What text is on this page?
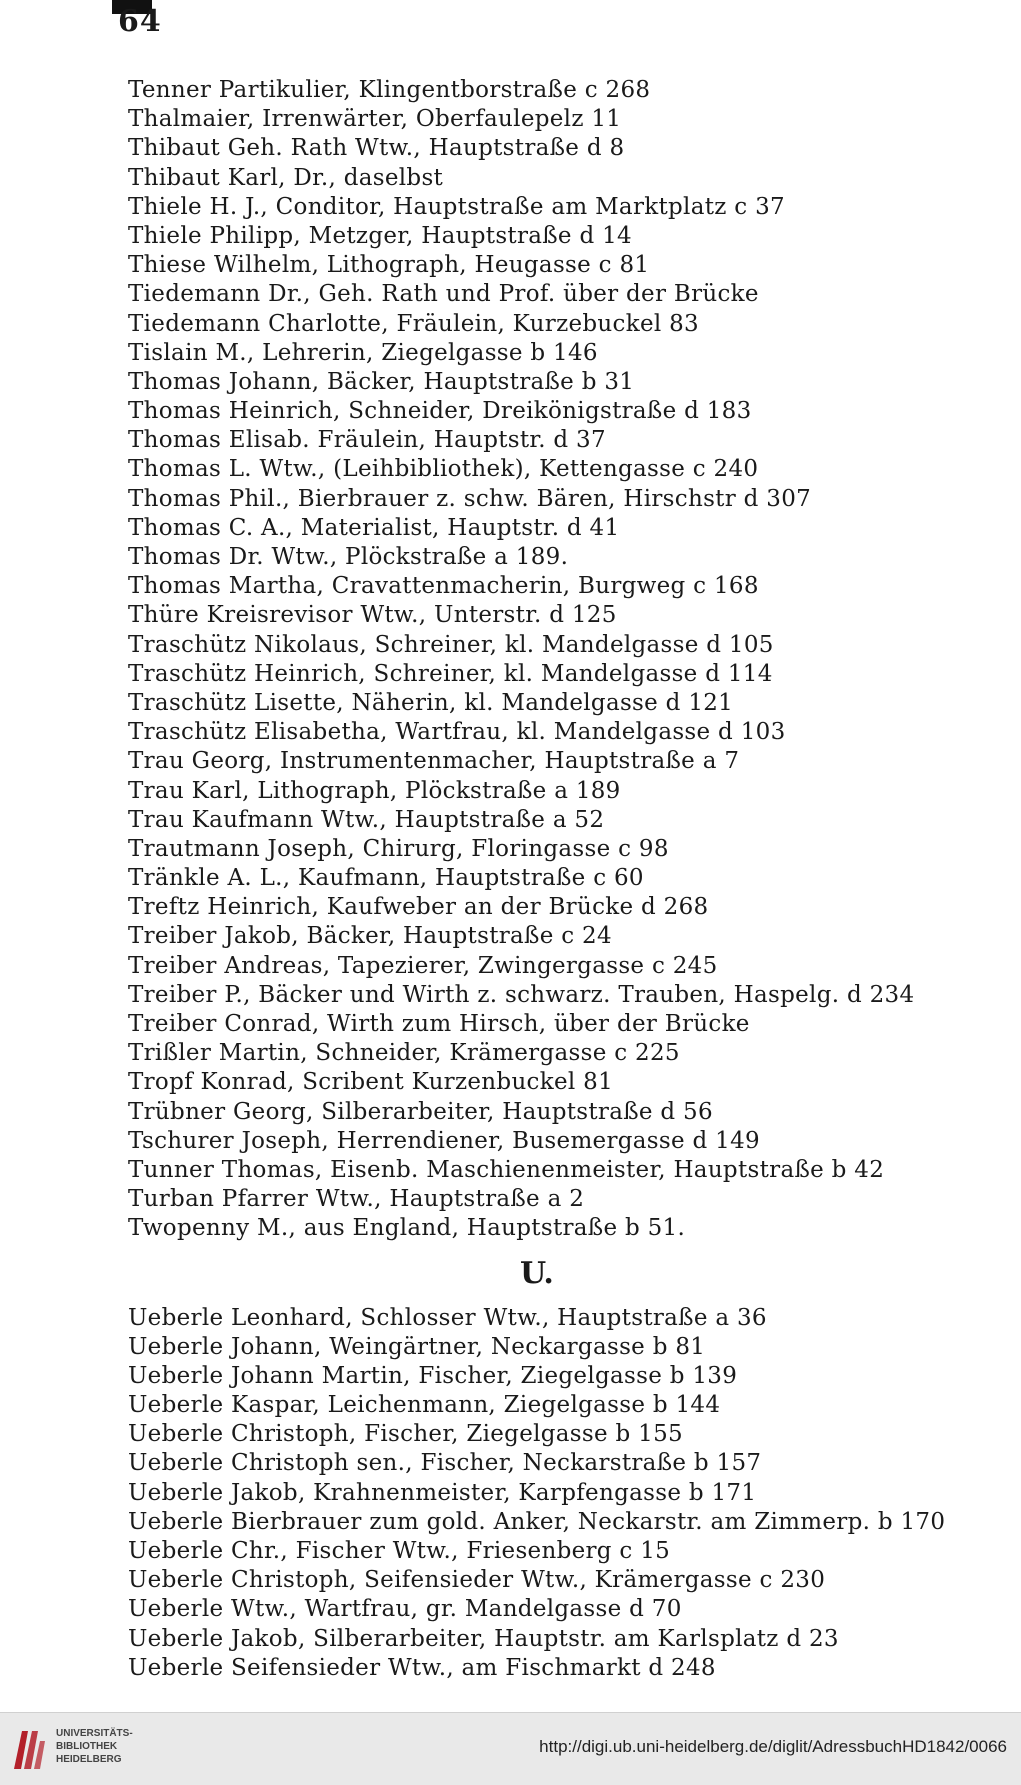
64
Tenner Partikulier, Klingentborstraße c 268
Thalmaier, Irrenwärter, Oberfaulepelz 11
Thibaut Geh. Rath Wtw., Hauptstraße d 8
Thibaut Karl, Dr., daselbst
Thiele H. J., Conditor, Hauptstraße am Marktplatz c 37
Thiele Philipp, Metzger, Hauptstraße d 14
Thiese Wilhelm, Lithograph, Heugasse c 81
Tiedemann Dr., Geh. Rath und Prof. über der Brücke
Tiedemann Charlotte, Fräulein, Kurzebuckel 83
Tislain M., Lehrerin, Ziegelgasse b 146
Thomas Johann, Bäcker, Hauptstraße b 31
Thomas Heinrich, Schneider, Dreikönigstraße d 183
Thomas Elisab. Fräulein, Hauptstr. d 37
Thomas L. Wtw., (Leihbibliothek), Kettengasse c 240
Thomas Phil., Bierbrauer z. schw. Bären, Hirschstr d 307
Thomas C. A., Materialist, Hauptstr. d 41
Thomas Dr. Wtw., Plöckstraße a 189.
Thomas Martha, Cravattenmacherin, Burgweg c 168
Thüre Kreisrevisor Wtw., Unterstr. d 125
Traschütz Nikolaus, Schreiner, kl. Mandelgasse d 105
Traschütz Heinrich, Schreiner, kl. Mandelgasse d 114
Traschütz Lisette, Näherin, kl. Mandelgasse d 121
Traschütz Elisabetha, Wartfrau, kl. Mandelgasse d 103
Trau Georg, Instrumentenmacher, Hauptstraße a 7
Trau Karl, Lithograph, Plöckstraße a 189
Trau Kaufmann Wtw., Hauptstraße a 52
Trautmann Joseph, Chirurg, Floringasse c 98
Tränkle A. L., Kaufmann, Hauptstraße c 60
Treftz Heinrich, Kaufweber an der Brücke d 268
Treiber Jakob, Bäcker, Hauptstraße c 24
Treiber Andreas, Tapezierer, Zwingergasse c 245
Treiber P., Bäcker und Wirth z. schwarz. Trauben, Haspelg. d 234
Treiber Conrad, Wirth zum Hirsch, über der Brücke
Trißler Martin, Schneider, Krämergasse c 225
Tropf Konrad, Scribent Kurzenbuckel 81
Trübner Georg, Silberarbeiter, Hauptstraße d 56
Tschurer Joseph, Herrendiener, Busemergasse d 149
Tunner Thomas, Eisenb. Maschienenmeister, Hauptstraße b 42
Turban Pfarrer Wtw., Hauptstraße a 2
Twopenny M., aus England, Hauptstraße b 51.
U.
Ueberle Leonhard, Schlosser Wtw., Hauptstraße a 36
Ueberle Johann, Weingärtner, Neckargasse b 81
Ueberle Johann Martin, Fischer, Ziegelgasse b 139
Ueberle Kaspar, Leichenmann, Ziegelgasse b 144
Ueberle Christoph, Fischer, Ziegelgasse b 155
Ueberle Christoph sen., Fischer, Neckarstraße b 157
Ueberle Jakob, Krahnenmeister, Karpfengasse b 171
Ueberle Bierbrauer zum gold. Anker, Neckarstr. am Zimmerp. b 170
Ueberle Chr., Fischer Wtw., Friesenberg c 15
Ueberle Christoph, Seifensieder Wtw., Krämergasse c 230
Ueberle Wtw., Wartfrau, gr. Mandelgasse d 70
Ueberle Jakob, Silberarbeiter, Hauptstr. am Karlsplatz d 23
Ueberle Seifensieder Wtw., am Fischmarkt d 248
UNIVERSITÄTS-
BIBLIOTHEK
HEIDELBERG
http://digi.ub.uni-heidelberg.de/diglit/AdressbuchHD1842/0066
